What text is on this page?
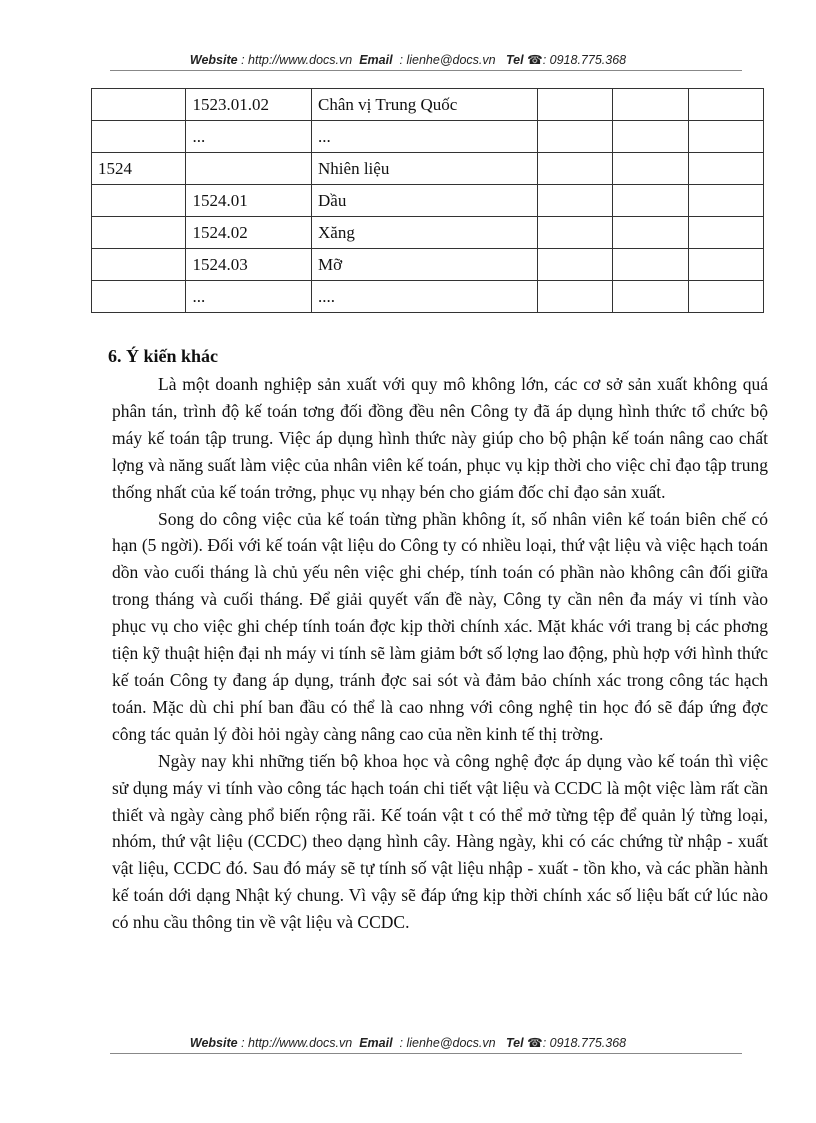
Website : http://www.docs.vn Email : lienhe@docs.vn Tel ☎: 0918.775.368
	1523.01.02	Chân vị Trung Quốc			
	...	...			
1524		Nhiên liệu			
	1524.01	Dầu			
	1524.02	Xăng			
	1524.03	Mỡ			
	...	....			
6. Ý kiến khác

Là một doanh nghiệp sản xuất với quy mô không lớn, các cơ sở sản xuất không quá phân tán, trình độ kế toán tơng đối đồng đều nên Công ty đã áp dụng hình thức tổ chức bộ máy kế toán tập trung. Việc áp dụng hình thức này giúp cho bộ phận kế toán nâng cao chất lợng và năng suất làm việc của nhân viên kế toán, phục vụ kịp thời cho việc chỉ đạo tập trung thống nhất của kế toán trởng, phục vụ nhạy bén cho giám đốc chỉ đạo sản xuất.

Song do công việc của kế toán từng phần không ít, số nhân viên kế toán biên chế có hạn (5 ngời). Đối với kế toán vật liệu do Công ty có nhiều loại, thứ vật liệu và việc hạch toán dồn vào cuối tháng là chủ yếu nên việc ghi chép, tính toán có phần nào không cân đối giữa trong tháng và cuối tháng. Để giải quyết vấn đề này, Công ty cần nên đa máy vi tính vào phục vụ cho việc ghi chép tính toán đợc kịp thời chính xác. Mặt khác với trang bị các phơng tiện kỹ thuật hiện đại nh máy vi tính sẽ làm giảm bớt số lợng lao động, phù hợp với hình thức kế toán Công ty đang áp dụng, tránh đợc sai sót và đảm bảo chính xác trong công tác hạch toán. Mặc dù chi phí ban đầu có thể là cao nhng với công nghệ tin học đó sẽ đáp ứng đợc công tác quản lý đòi hỏi ngày càng nâng cao của nền kinh tế thị trờng.

Ngày nay khi những tiến bộ khoa học và công nghệ đợc áp dụng vào kế toán thì việc sử dụng máy vi tính vào công tác hạch toán chi tiết vật liệu và CCDC là một việc làm rất cần thiết và ngày càng phổ biến rộng rãi. Kế toán vật t có thể mở từng tệp để quản lý từng loại, nhóm, thứ vật liệu (CCDC) theo dạng hình cây. Hàng ngày, khi có các chứng từ nhập - xuất vật liệu, CCDC đó. Sau đó máy sẽ tự tính số vật liệu nhập - xuất - tồn kho, và các phần hành kế toán dới dạng Nhật ký chung. Vì vậy sẽ đáp ứng kịp thời chính xác số liệu bất cứ lúc nào có nhu cầu thông tin về vật liệu và CCDC.

Website : http://www.docs.vn Email : lienhe@docs.vn Tel ☎: 0918.775.368
